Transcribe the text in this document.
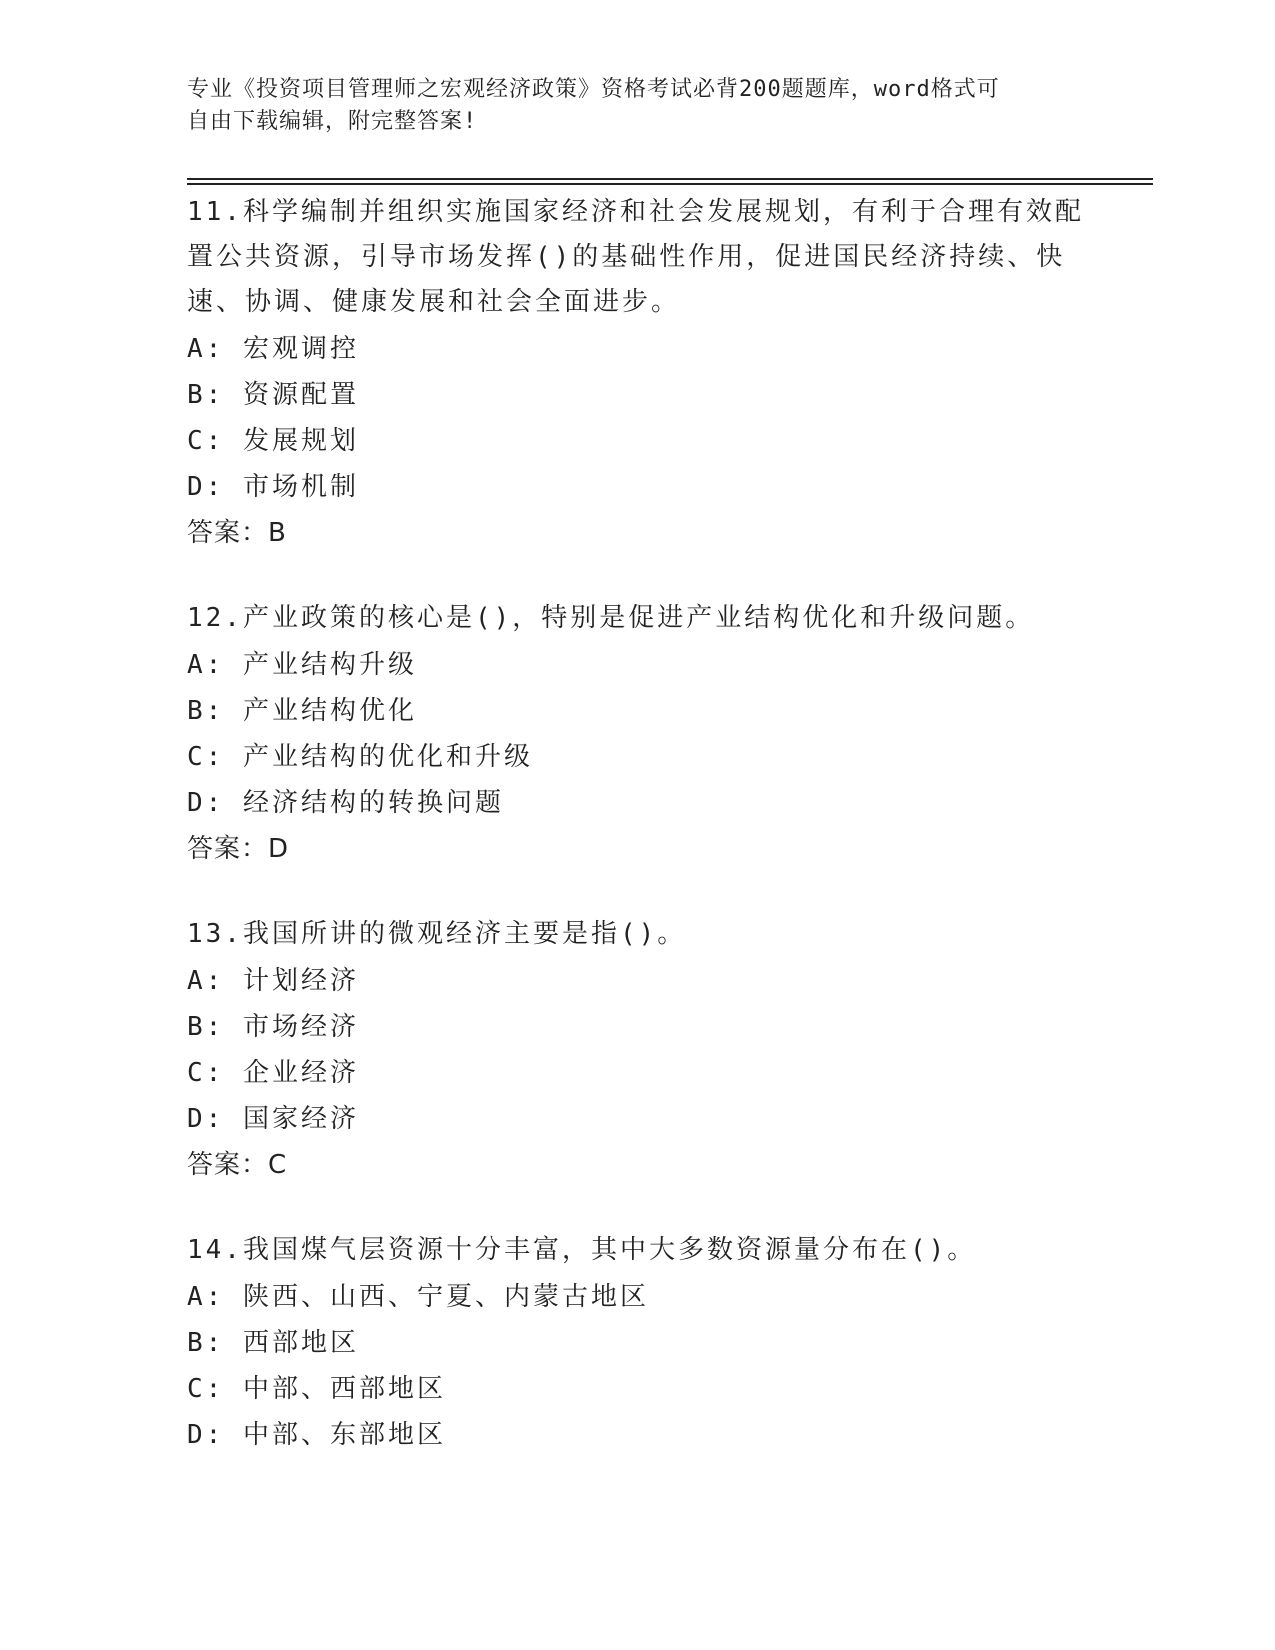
专业《投资项目管理师之宏观经济政策》资格考试必背200题题库，word格式可
自由下载编辑，附完整答案!
11.科学编制并组织实施国家经济和社会发展规划，有利于合理有效配
置公共资源，引导市场发挥()的基础性作用，促进国民经济持续、快
速、协调、健康发展和社会全面进步。
A: 宏观调控
B: 资源配置
C: 发展规划
D: 市场机制
答案：B
12.产业政策的核心是()，特别是促进产业结构优化和升级问题。
A: 产业结构升级
B: 产业结构优化
C: 产业结构的优化和升级
D: 经济结构的转换问题
答案：D
13.我国所讲的微观经济主要是指()。
A: 计划经济
B: 市场经济
C: 企业经济
D: 国家经济
答案：C
14.我国煤气层资源十分丰富，其中大多数资源量分布在()。
A: 陕西、山西、宁夏、内蒙古地区
B: 西部地区
C: 中部、西部地区
D: 中部、东部地区
